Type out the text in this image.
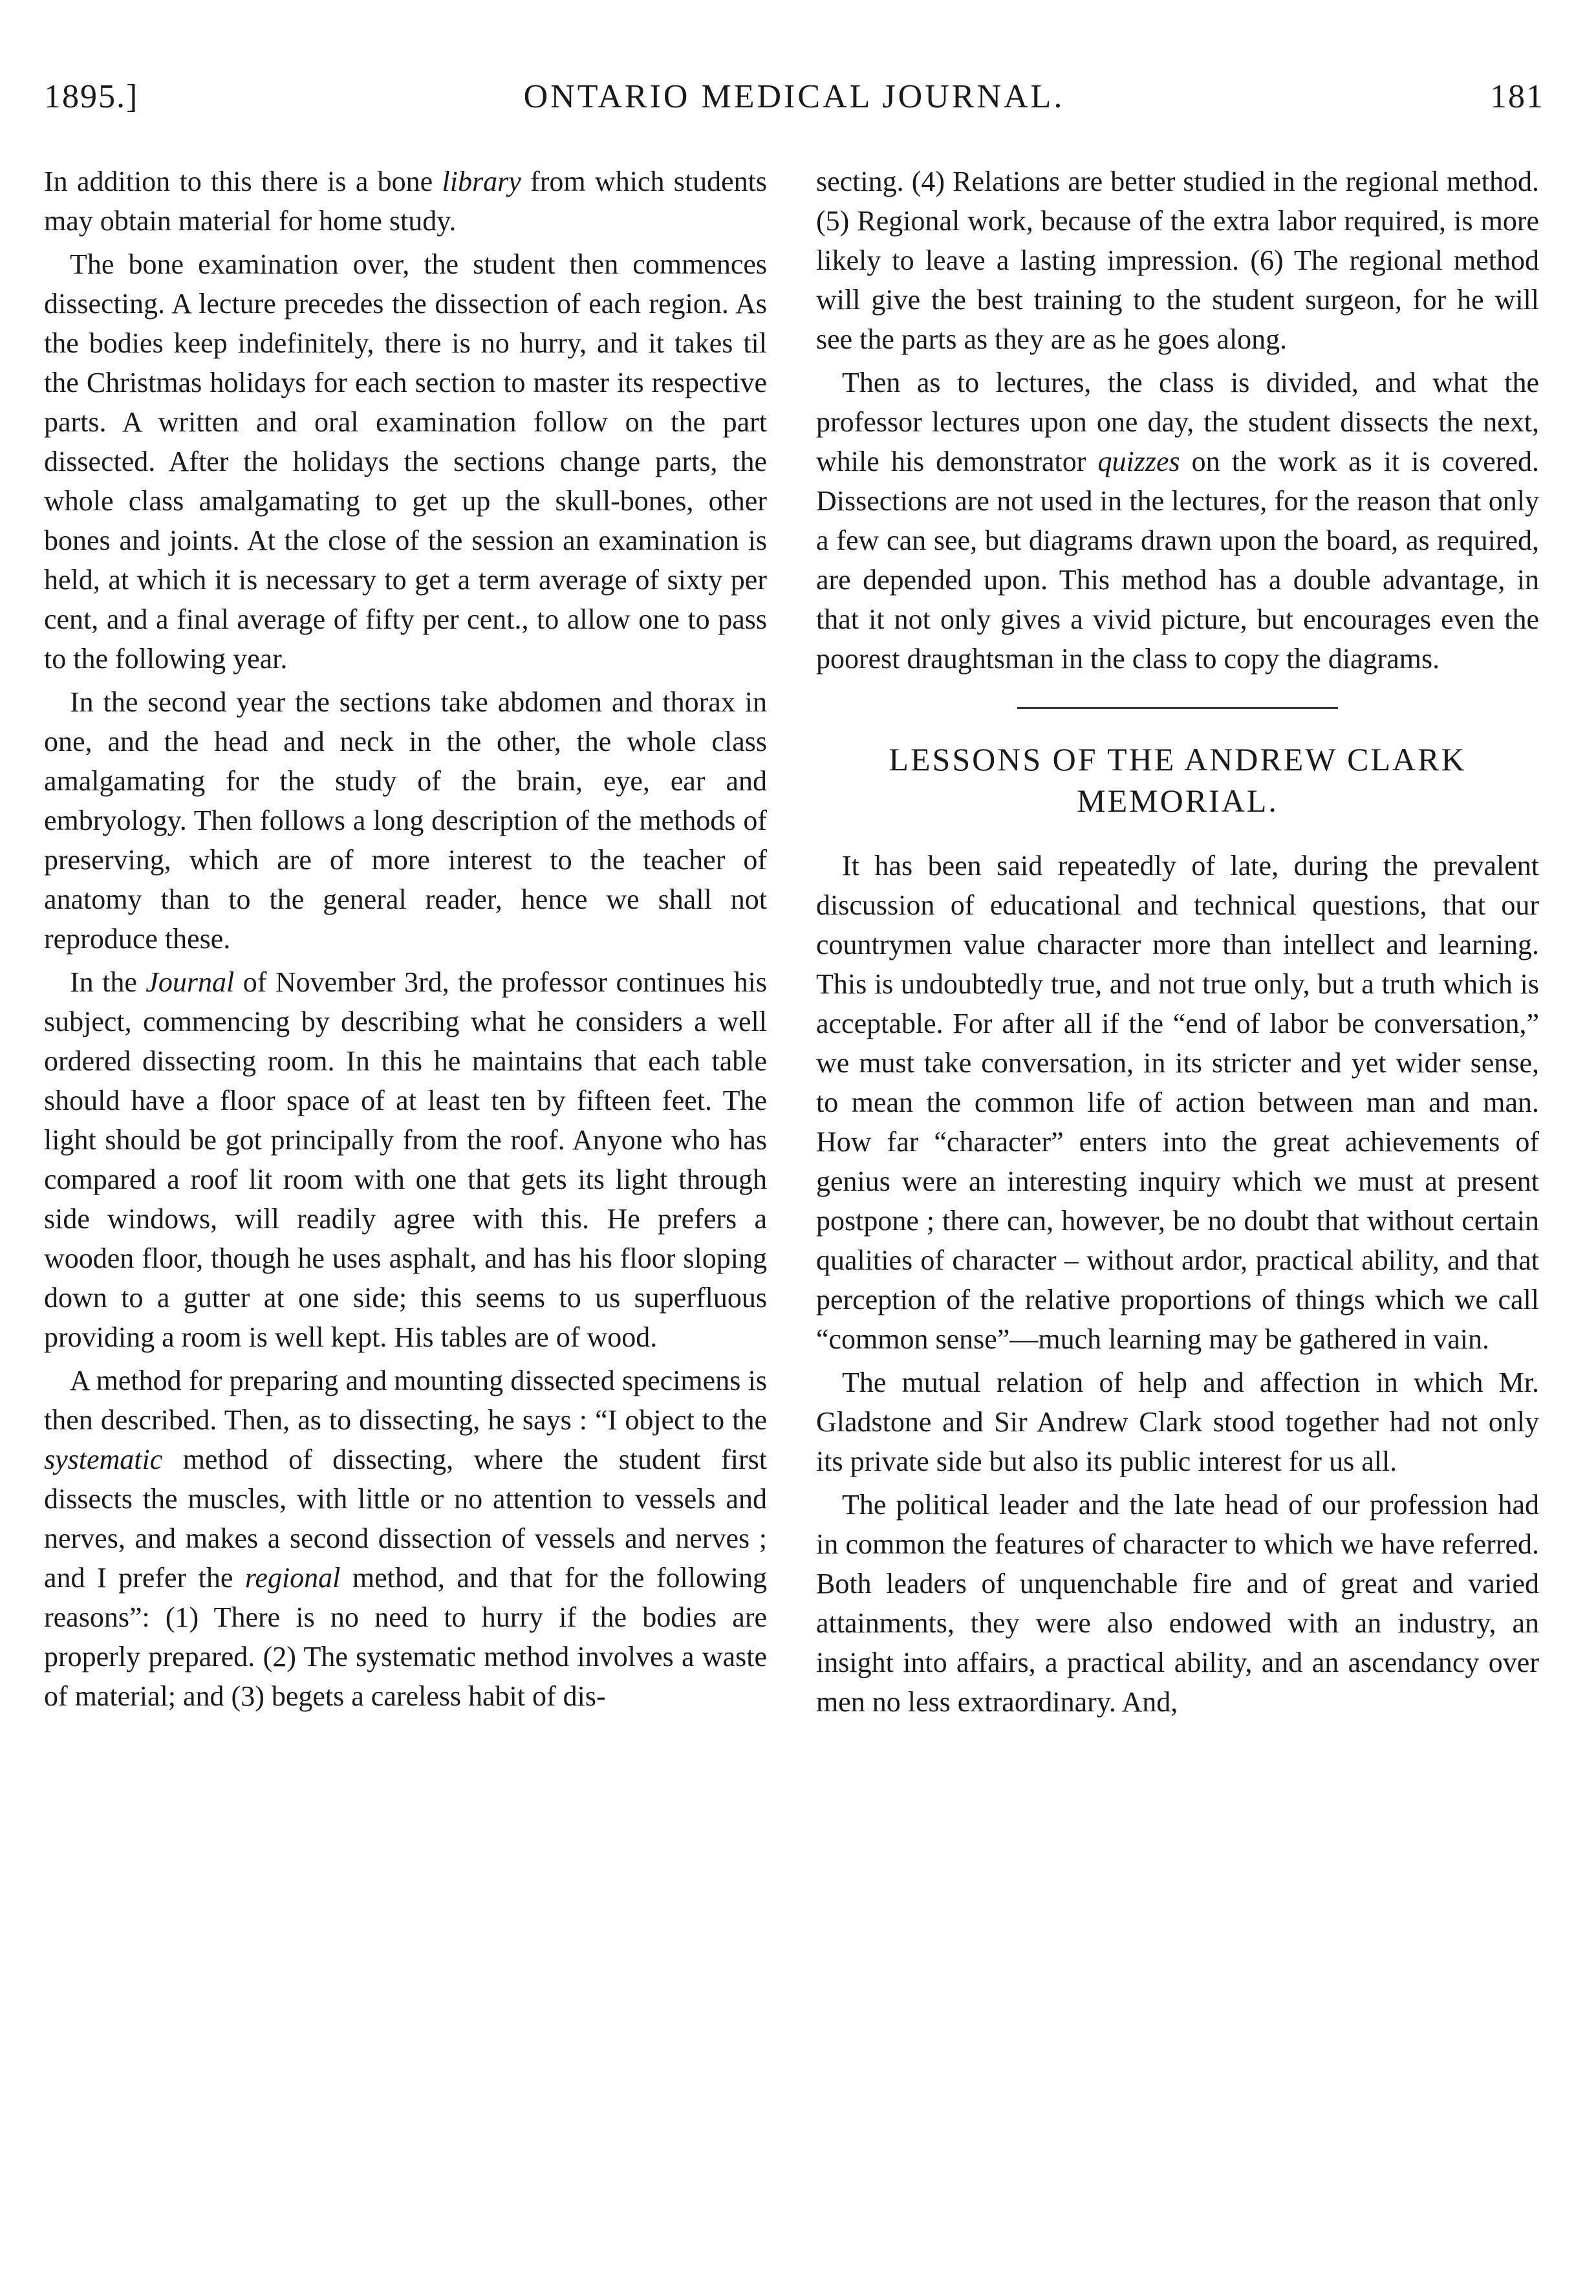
1895.]	ONTARIO MEDICAL JOURNAL.	181

In addition to this there is a bone library from which students may obtain material for home study.

The bone examination over, the student then commences dissecting. A lecture precedes the dissection of each region. As the bodies keep indefinitely, there is no hurry, and it takes til the Christmas holidays for each section to master its respective parts. A written and oral examination follow on the part dissected. After the holidays the sections change parts, the whole class amalgamating to get up the skull-bones, other bones and joints. At the close of the session an examination is held, at which it is necessary to get a term average of sixty per cent, and a final average of fifty per cent., to allow one to pass to the following year.

In the second year the sections take abdomen and thorax in one, and the head and neck in the other, the whole class amalgamating for the study of the brain, eye, ear and embryology. Then follows a long description of the methods of preserving, which are of more interest to the teacher of anatomy than to the general reader, hence we shall not reproduce these.

In the Journal of November 3rd, the professor continues his subject, commencing by describing what he considers a well ordered dissecting room. In this he maintains that each table should have a floor space of at least ten by fifteen feet. The light should be got principally from the roof. Anyone who has compared a roof lit room with one that gets its light through side windows, will readily agree with this. He prefers a wooden floor, though he uses asphalt, and has his floor sloping down to a gutter at one side; this seems to us superfluous providing a room is well kept. His tables are of wood.

A method for preparing and mounting dissected specimens is then described. Then, as to dissecting, he says : “I object to the systematic method of dissecting, where the student first dissects the muscles, with little or no attention to vessels and nerves, and makes a second dissection of vessels and nerves ; and I prefer the regional method, and that for the following reasons”: (1) There is no need to hurry if the bodies are properly prepared. (2) The systematic method involves a waste of material; and (3) begets a careless habit of dis-

secting. (4) Relations are better studied in the regional method. (5) Regional work, because of the extra labor required, is more likely to leave a lasting impression. (6) The regional method will give the best training to the student surgeon, for he will see the parts as they are as he goes along.

Then as to lectures, the class is divided, and what the professor lectures upon one day, the student dissects the next, while his demonstrator quizzes on the work as it is covered. Dissections are not used in the lectures, for the reason that only a few can see, but diagrams drawn upon the board, as required, are depended upon. This method has a double advantage, in that it not only gives a vivid picture, but encourages even the poorest draughtsman in the class to copy the diagrams.

LESSONS OF THE ANDREW CLARK MEMORIAL.

It has been said repeatedly of late, during the prevalent discussion of educational and technical questions, that our countrymen value character more than intellect and learning. This is undoubtedly true, and not true only, but a truth which is acceptable. For after all if the “end of labor be conversation,” we must take conversation, in its stricter and yet wider sense, to mean the common life of action between man and man. How far “character” enters into the great achievements of genius were an interesting inquiry which we must at present postpone ; there can, however, be no doubt that without certain qualities of character – without ardor, practical ability, and that perception of the relative proportions of things which we call “common sense”—much learning may be gathered in vain.

The mutual relation of help and affection in which Mr. Gladstone and Sir Andrew Clark stood together had not only its private side but also its public interest for us all.

The political leader and the late head of our profession had in common the features of character to which we have referred. Both leaders of unquenchable fire and of great and varied attainments, they were also endowed with an industry, an insight into affairs, a practical ability, and an ascendancy over men no less extraordinary. And,
